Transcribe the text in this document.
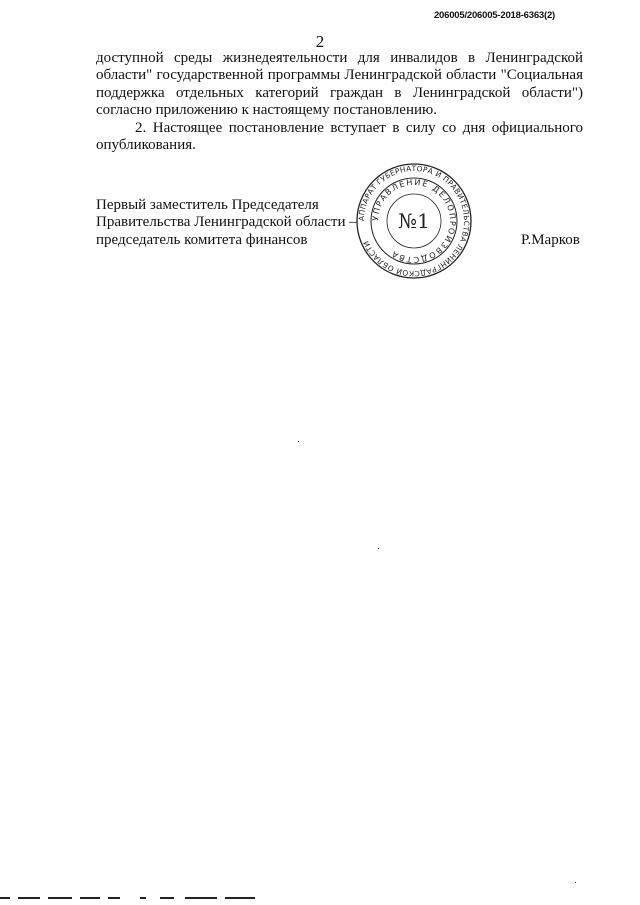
206005/206005-2018-6363(2)
2

доступной среды жизнедеятельности для инвалидов в Ленинградской области" государственной программы Ленинградской области "Социальная поддержка отдельных категорий граждан в Ленинградской области") согласно приложению к настоящему постановлению.

2. Настоящее постановление вступает в силу со дня официального опубликования.

Первый заместитель Председателя
Правительства Ленинградской области –
председатель комитета финансов	Р.Марков
АППАРАТ ГУБЕРНАТОРА И ПРАВИТЕЛЬСТВА ЛЕНИНГРАДСКОЙ ОБЛАСТИ
УПРАВЛЕНИЕ ДЕЛОПРОИЗВОДСТВА
№1
